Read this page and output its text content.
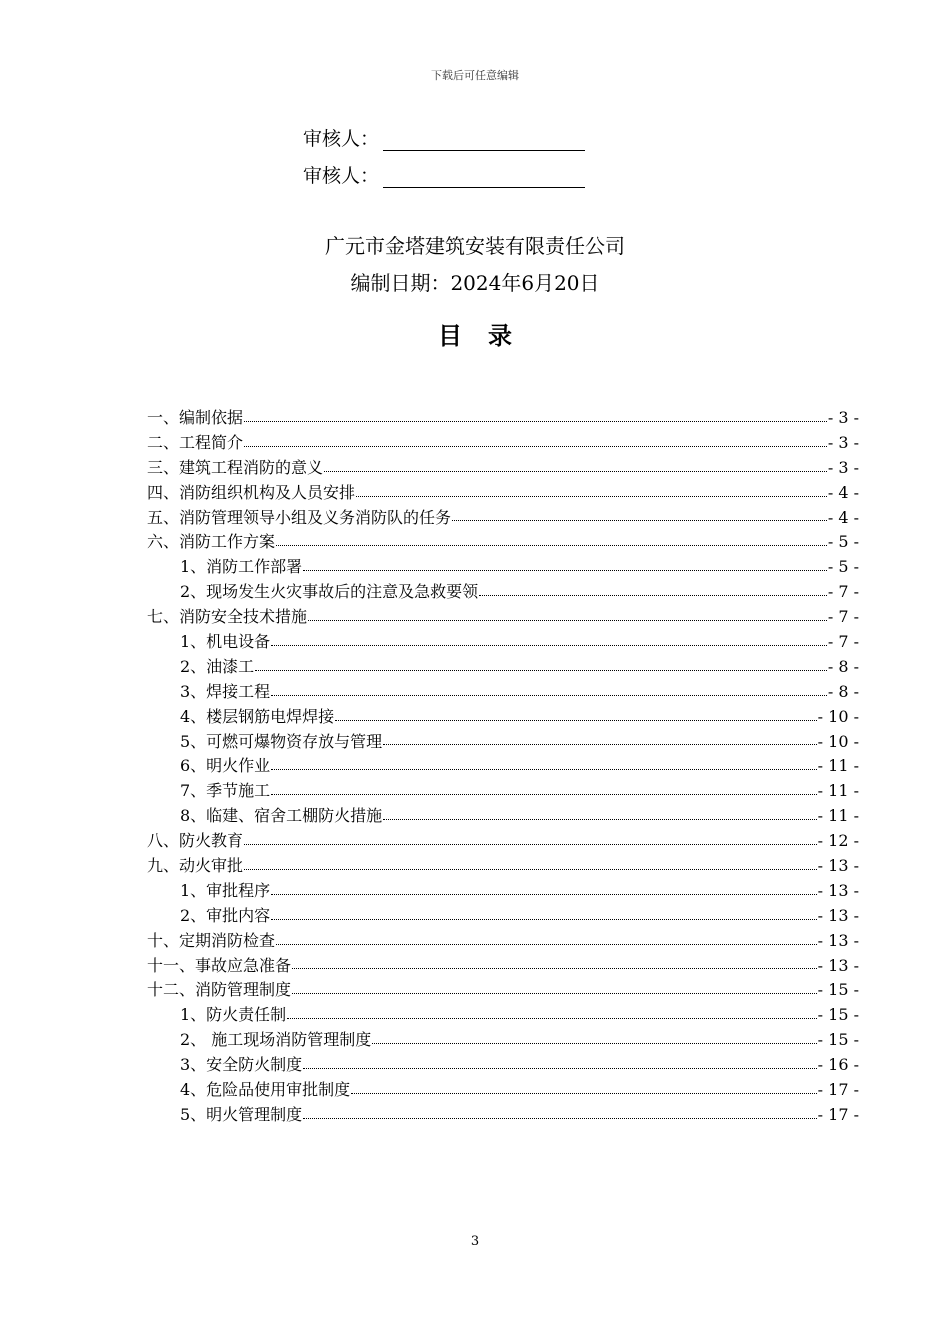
下载后可任意编辑
审核人：
审核人：
广元市金塔建筑安装有限责任公司
编制日期：2024年6月20日
目 录
一、编制依据	- 3 -
二、工程简介	- 3 -
三、建筑工程消防的意义	- 3 -
四、消防组织机构及人员安排	- 4 -
五、消防管理领导小组及义务消防队的任务	- 4 -
六、消防工作方案	- 5 -
1、消防工作部署	- 5 -
2、现场发生火灾事故后的注意及急救要领	- 7 -
七、消防安全技术措施	- 7 -
1、机电设备	- 7 -
2、油漆工	- 8 -
3、焊接工程	- 8 -
4、楼层钢筋电焊焊接	- 10 -
5、可燃可爆物资存放与管理	- 10 -
6、明火作业	- 11 -
7、季节施工	- 11 -
8、临建、宿舍工棚防火措施	- 11 -
八、防火教育	- 12 -
九、动火审批	- 13 -
1、审批程序	- 13 -
2、审批内容	- 13 -
十、定期消防检查	- 13 -
十一、事故应急准备	- 13 -
十二、消防管理制度	- 15 -
1、防火责任制	- 15 -
2、 施工现场消防管理制度	- 15 -
3、安全防火制度	- 16 -
4、危险品使用审批制度	- 17 -
5、明火管理制度	- 17 -
3
